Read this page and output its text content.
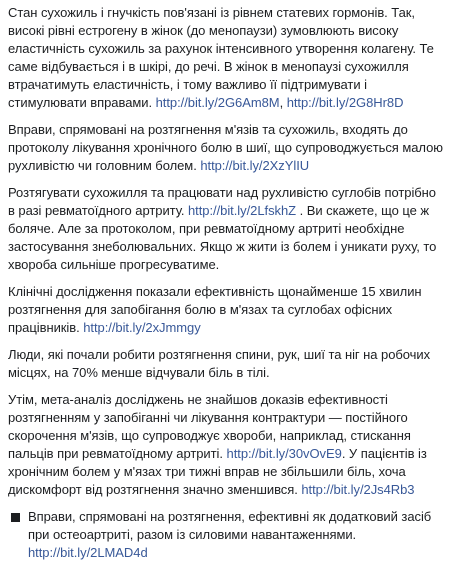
Стан сухожиль і гнучкість пов'язані із рівнем статевих гормонів. Так, високі рівні естрогену в жінок (до менопаузи) зумовлюють високу еластичність сухожиль за рахунок інтенсивного утворення колагену. Те саме відбувається і в шкірі, до речі. В жінок в менопаузі сухожилля втрачатимуть еластичність, і тому важливо її підтримувати і стимулювати вправами. http://bit.ly/2G6Am8M, http://bit.ly/2G8Hr8D

Вправи, спрямовані на розтягнення м'язів та сухожиль, входять до протоколу лікування хронічного болю в шиї, що супроводжується малою рухливістю чи головним болем. http://bit.ly/2XzYlIU

Розтягувати сухожилля та працювати над рухливістю суглобів потрібно в разі ревматоїдного артриту. http://bit.ly/2LfskhZ . Ви скажете, що це ж боляче. Але за протоколом, при ревматоїдному артриті необхідне застосування знеболювальних. Якщо ж жити із болем і уникати руху, то хвороба сильніше прогресуватиме.

Клінічні дослідження показали ефективність щонайменше 15 хвилин розтягнення для запобігання болю в м'язах та суглобах офісних працівників. http://bit.ly/2xJmmgy

Люди, які почали робити розтягнення спини, рук, шиї та ніг на робочих місцях, на 70% менше відчували біль в тілі.

Утім, мета-аналіз досліджень не знайшов доказів ефективності розтягненням у запобіганні чи лікування контрактури — постійного скорочення м'язів, що супроводжує хвороби, наприклад, стискання пальців при ревматоїдному артриті. http://bit.ly/30vOvE9. У пацієнтів із хронічним болем у м'язах три тижні вправ не збільшили біль, хоча дискомфорт від розтягнення значно зменшився. http://bit.ly/2Js4Rb3

Вправи, спрямовані на розтягнення, ефективні як додатковий засіб при остеоартриті, разом із силовими навантаженнями.
http://bit.ly/2LMAD4d
